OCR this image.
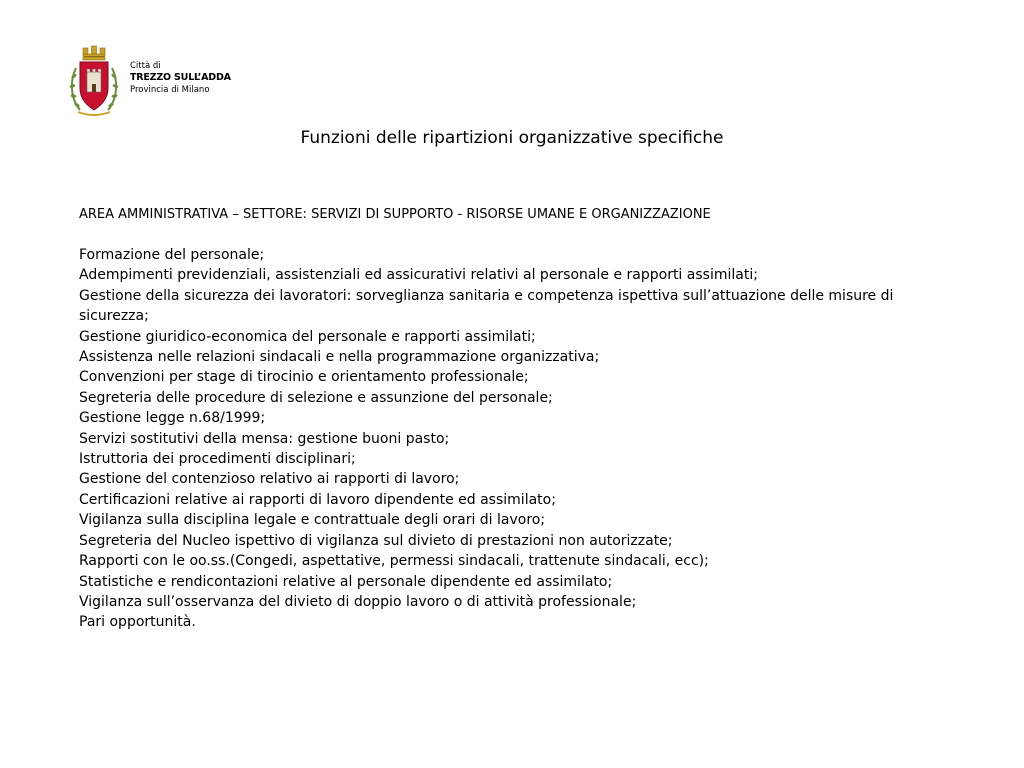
Città di
TREZZO SULL’ADDA
Provincia di Milano
Funzioni delle ripartizioni organizzative specifiche

AREA AMMINISTRATIVA – SETTORE: SERVIZI DI SUPPORTO - RISORSE UMANE E ORGANIZZAZIONE

Formazione del personale;
Adempimenti previdenziali, assistenziali ed assicurativi relativi al personale e rapporti assimilati;
Gestione della sicurezza dei lavoratori: sorveglianza sanitaria e competenza ispettiva sull’attuazione delle misure di sicurezza;
Gestione giuridico-economica del personale e rapporti assimilati;
Assistenza nelle relazioni sindacali e nella programmazione organizzativa;
Convenzioni per stage di tirocinio e orientamento professionale;
Segreteria delle procedure di selezione e assunzione del personale;
Gestione legge n.68/1999;
Servizi sostitutivi della mensa: gestione buoni pasto;
Istruttoria dei procedimenti disciplinari;
Gestione del contenzioso relativo ai rapporti di lavoro;
Certificazioni relative ai rapporti di lavoro dipendente ed assimilato;
Vigilanza sulla disciplina legale e contrattuale degli orari di lavoro;
Segreteria del Nucleo ispettivo di vigilanza sul divieto di prestazioni non autorizzate;
Rapporti con le oo.ss.(Congedi, aspettative, permessi sindacali, trattenute sindacali, ecc);
Statistiche e rendicontazioni relative al personale dipendente ed assimilato;
Vigilanza sull’osservanza del divieto di doppio lavoro o di attività professionale;
Pari opportunità.
